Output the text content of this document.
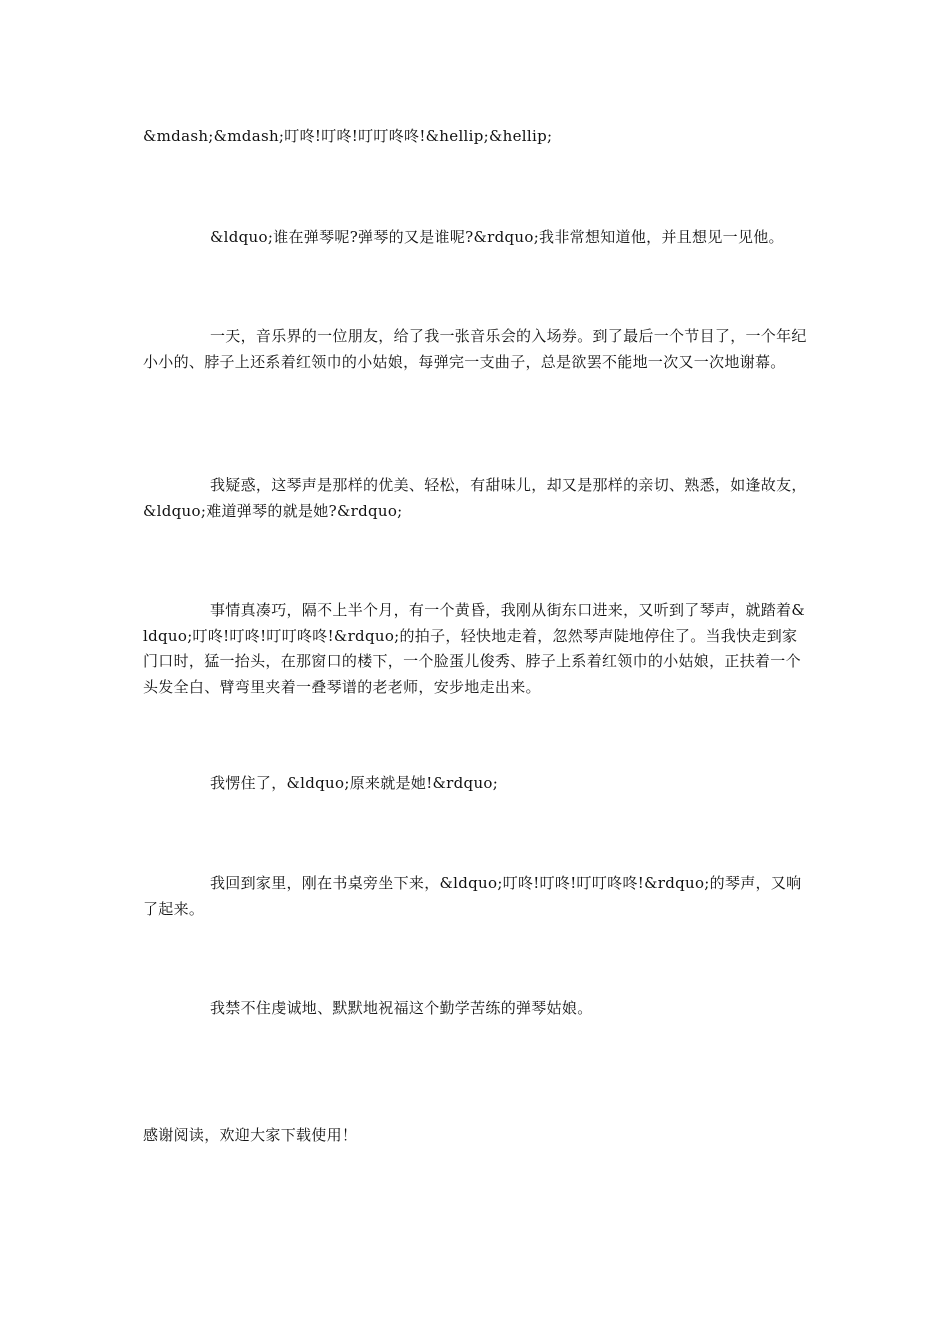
&mdash;&mdash;叮咚!叮咚!叮叮咚咚!&hellip;&hellip;

&ldquo;谁在弹琴呢?弹琴的又是谁呢?&rdquo;我非常想知道他，并且想见一见他。

一天，音乐界的一位朋友，给了我一张音乐会的入场券。到了最后一个节目了，一个年纪小小的、脖子上还系着红领巾的小姑娘，每弹完一支曲子，总是欲罢不能地一次又一次地谢幕。

我疑惑，这琴声是那样的优美、轻松，有甜味儿，却又是那样的亲切、熟悉，如逢故友，&ldquo;难道弹琴的就是她?&rdquo;

事情真凑巧，隔不上半个月，有一个黄昏，我刚从街东口进来，又听到了琴声，就踏着&ldquo;叮咚!叮咚!叮叮咚咚!&rdquo;的拍子，轻快地走着，忽然琴声陡地停住了。当我快走到家门口时，猛一抬头，在那窗口的楼下，一个脸蛋儿俊秀、脖子上系着红领巾的小姑娘，正扶着一个头发全白、臂弯里夹着一叠琴谱的老老师，安步地走出来。

我愣住了，&ldquo;原来就是她!&rdquo;

我回到家里，刚在书桌旁坐下来，&ldquo;叮咚!叮咚!叮叮咚咚!&rdquo;的琴声，又响了起来。

我禁不住虔诚地、默默地祝福这个勤学苦练的弹琴姑娘。

感谢阅读，欢迎大家下载使用！
